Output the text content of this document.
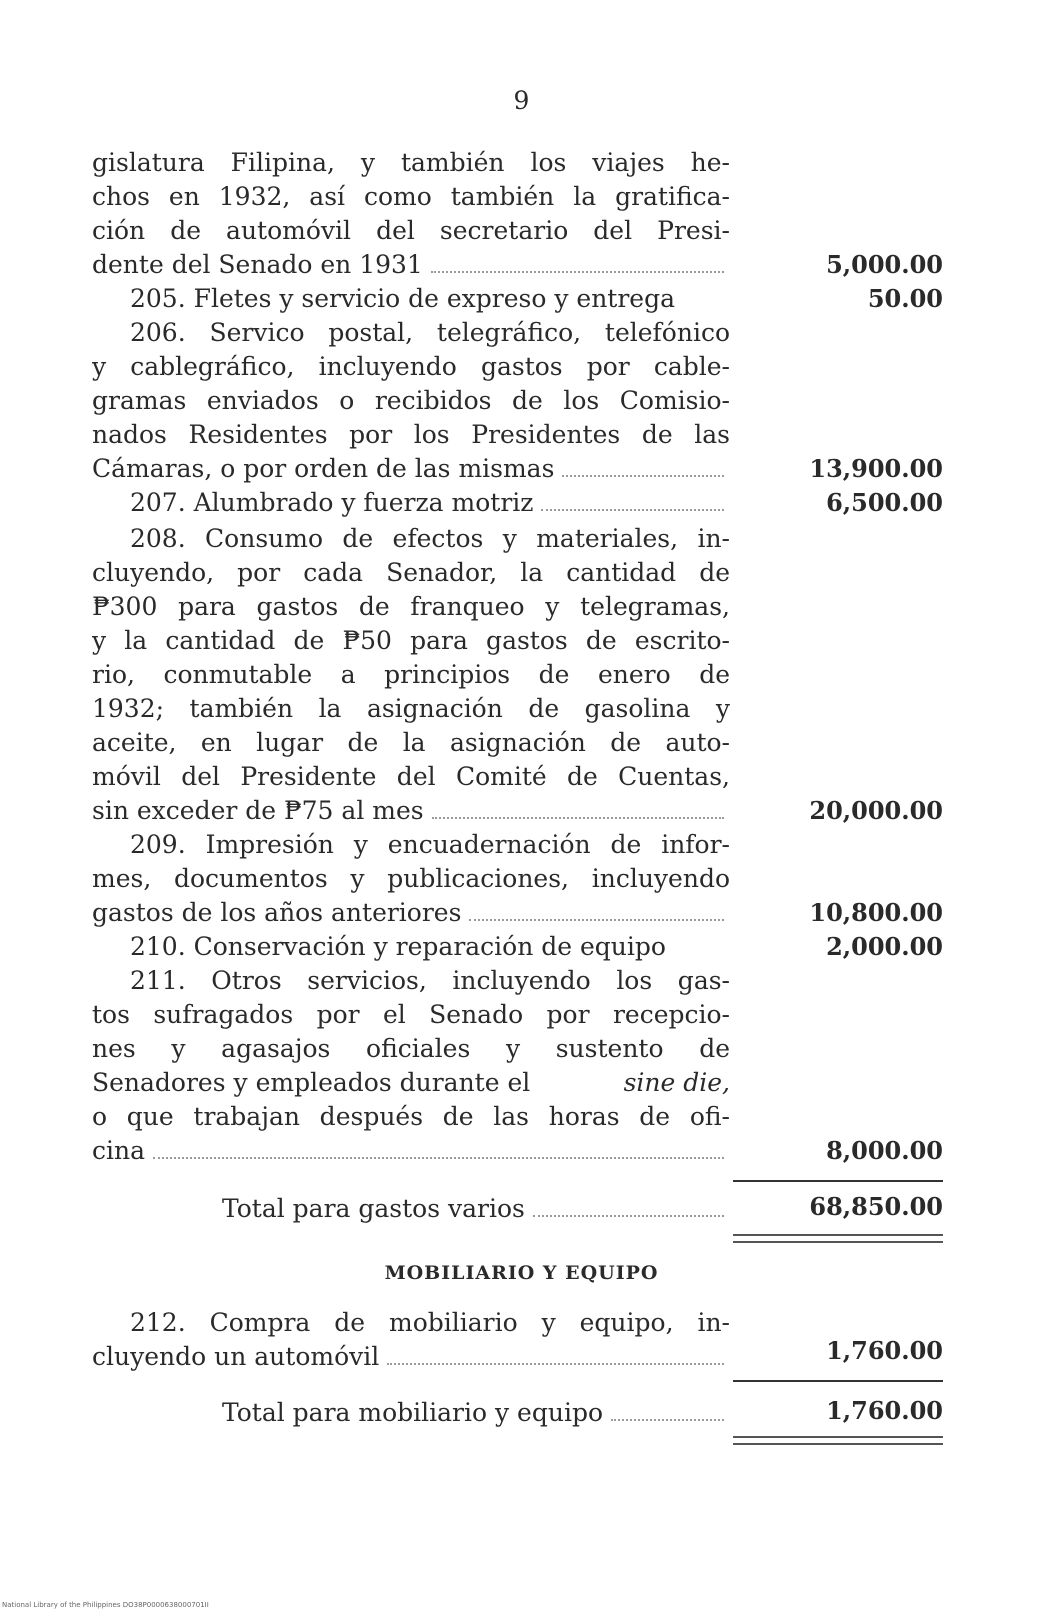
9
gislatura Filipina, y también los viajes he-
chos en 1932, así como también la gratifica-
ción de automóvil del secretario del Presi-
dente del Senado en 1931	5,000.00
205. Fletes y servicio de expreso y entrega	50.00
206. Servico postal, telegráfico, telefónico
y cablegráfico, incluyendo gastos por cable-
gramas enviados o recibidos de los Comisio-
nados Residentes por los Presidentes de las
Cámaras, o por orden de las mismas	13,900.00
207. Alumbrado y fuerza motriz	6,500.00
208. Consumo de efectos y materiales, in-
cluyendo, por cada Senador, la cantidad de
₱300 para gastos de franqueo y telegramas,
y la cantidad de ₱50 para gastos de escrito-
rio, conmutable a principios de enero de
1932; también la asignación de gasolina y
aceite, en lugar de la asignación de auto-
móvil del Presidente del Comité de Cuentas,
sin exceder de ₱75 al mes	20,000.00
209. Impresión y encuadernación de infor-
mes, documentos y publicaciones, incluyendo
gastos de los años anteriores	10,800.00
210. Conservación y reparación de equipo	2,000.00
211. Otros servicios, incluyendo los gas-
tos sufragados por el Senado por recepcio-
nes y agasajos oficiales y sustento de
Senadores y empleados durante el	sine die,
o que trabajan después de las horas de ofi-
cina	8,000.00
Total para gastos varios	68,850.00
MOBILIARIO Y EQUIPO
212. Compra de mobiliario y equipo, in-
cluyendo un automóvil	1,760.00
Total para mobiliario y equipo	1,760.00
National Library of the Philippines DO38P0000638000701II
